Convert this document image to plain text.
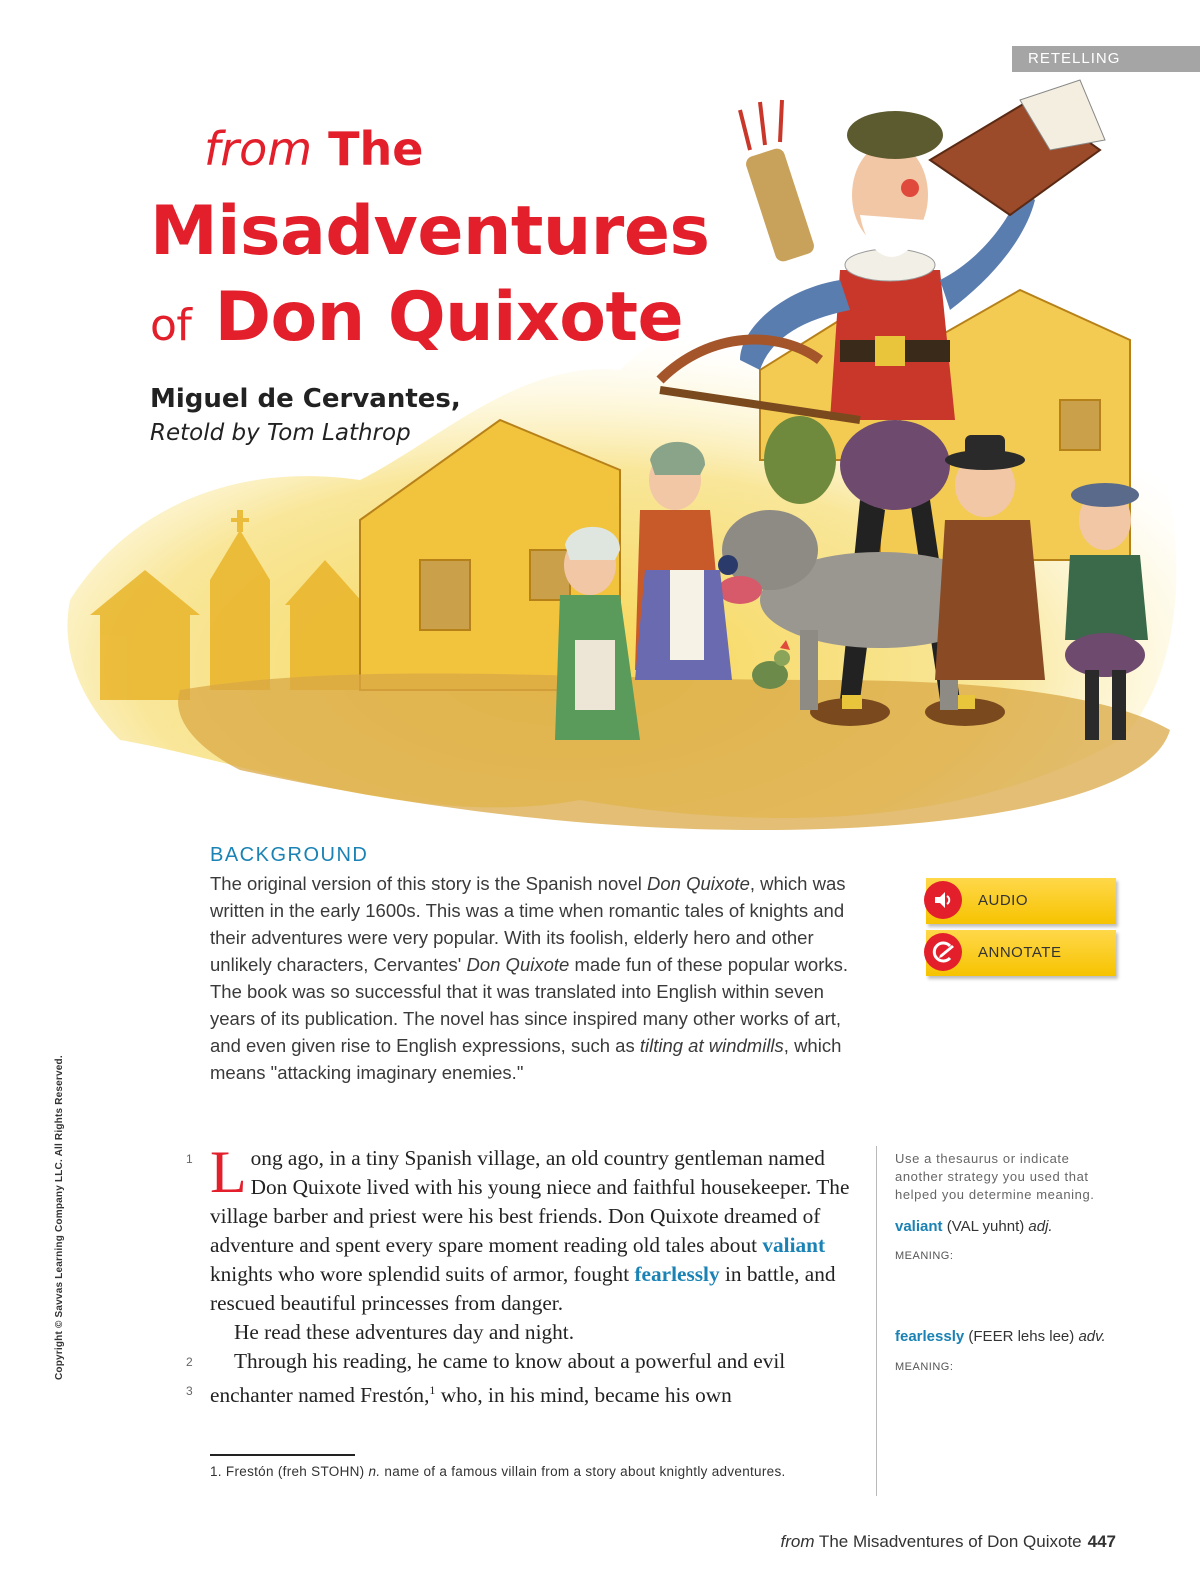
RETELLING
from The
Misadventures
of Don Quixote
Miguel de Cervantes,
Retold by Tom Lathrop
BACKGROUND
The original version of this story is the Spanish novel Don Quixote, which was written in the early 1600s. This was a time when romantic tales of knights and their adventures were very popular. With its foolish, elderly hero and other unlikely characters, Cervantes' Don Quixote made fun of these popular works. The book was so successful that it was translated into English within seven years of its publication. The novel has since inspired many other works of art, and even given rise to English expressions, such as tilting at windmills, which means "attacking imaginary enemies."
AUDIO
ANNOTATE
1
2
3

Long ago, in a tiny Spanish village, an old country gentleman named Don Quixote lived with his young niece and faithful housekeeper. The village barber and priest were his best friends. Don Quixote dreamed of adventure and spent every spare moment reading old tales about valiant knights who wore splendid suits of armor, fought fearlessly in battle, and rescued beautiful princesses from danger.

He read these adventures day and night.

Through his reading, he came to know about a powerful and evil enchanter named Frestón,$^1$ who, in his mind, became his own

Use a thesaurus or indicate another strategy you used that helped you determine meaning.
valiant (VAL yuhnt) adj.
MEANING:
fearlessly (FEER lehs lee) adv.
MEANING:
1. Frestón (freh STOHN) n. name of a famous villain from a story about knightly adventures.
from The Misadventures of Don Quixote 447
Copyright © Savvas Learning Company LLC. All Rights Reserved.
